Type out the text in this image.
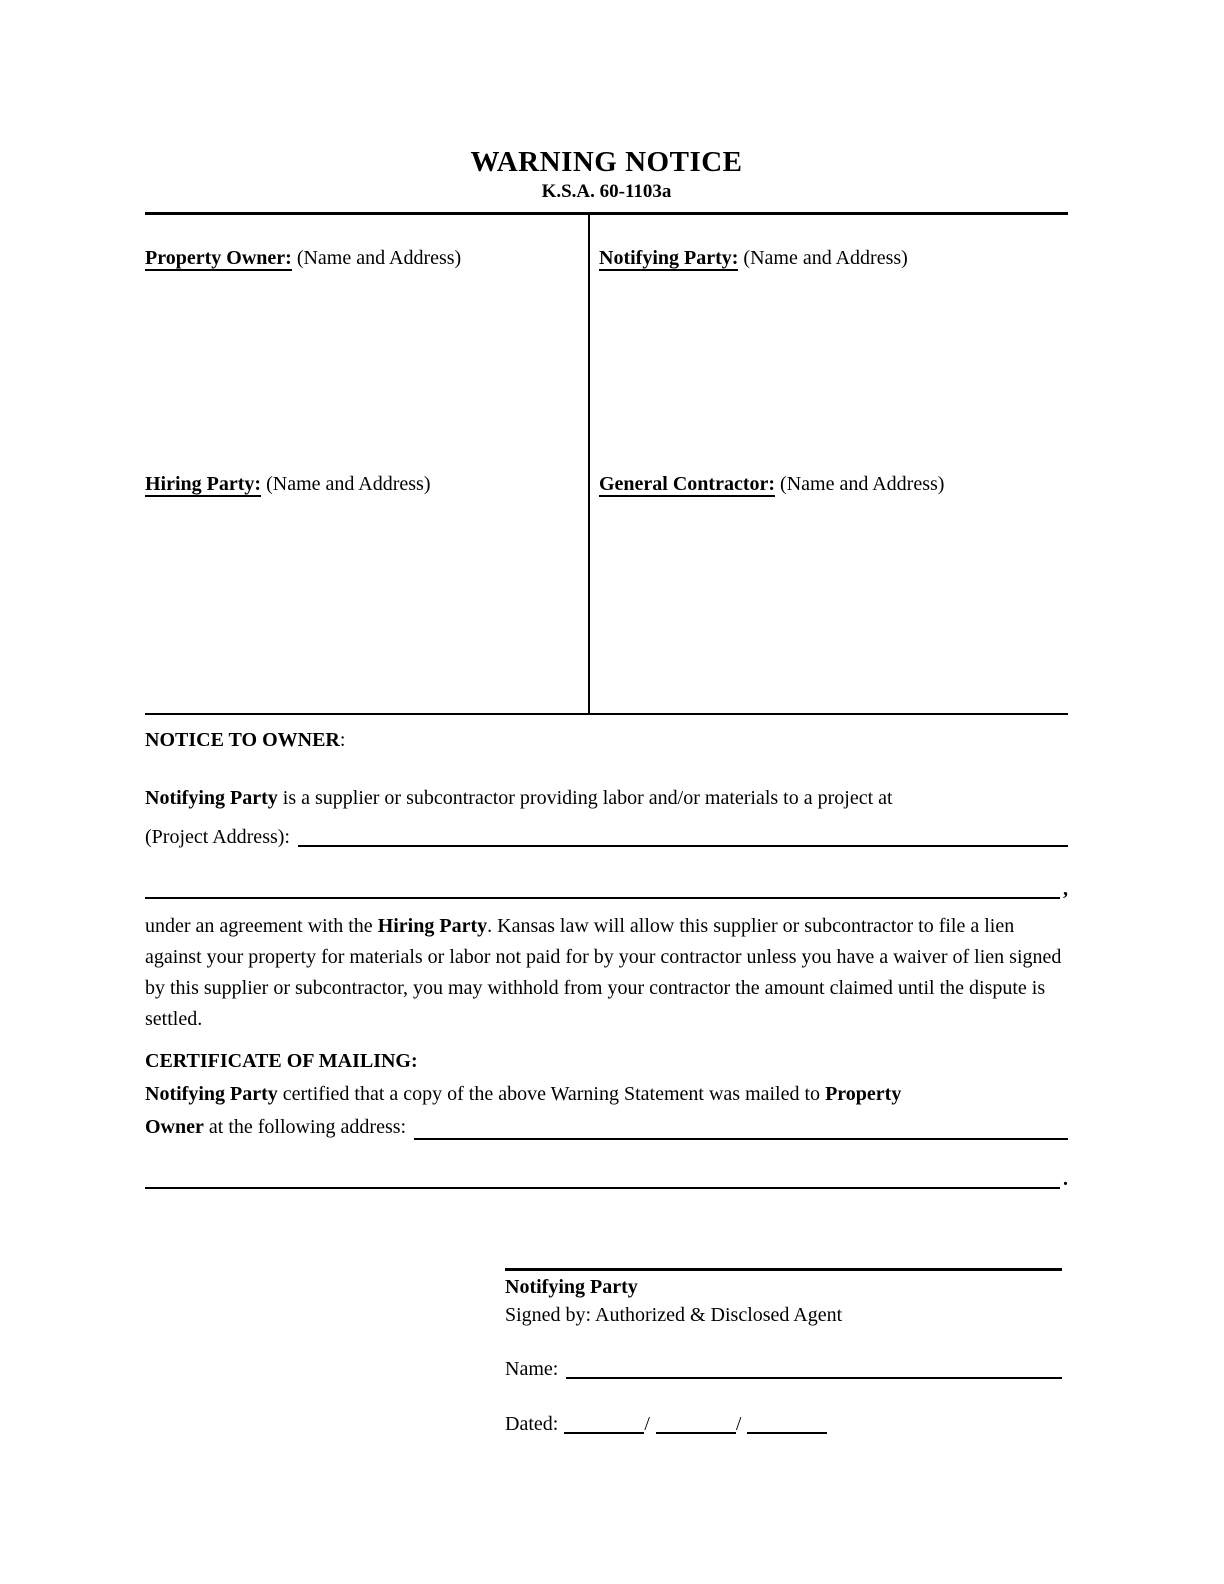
WARNING NOTICE
K.S.A. 60-1103a
Property Owner: (Name and Address)	Notifying Party: (Name and Address)
Hiring Party: (Name and Address)	General Contractor: (Name and Address)
NOTICE TO OWNER:

Notifying Party is a supplier or subcontractor providing labor and/or materials to a project at

(Project Address):
,

under an agreement with the Hiring Party. Kansas law will allow this supplier or subcontractor to file a lien against your property for materials or labor not paid for by your contractor unless you have a waiver of lien signed by this supplier or subcontractor, you may withhold from your contractor the amount claimed until the dispute is settled.

CERTIFICATE OF MAILING:

Notifying Party certified that a copy of the above Warning Statement was mailed to Property

Owner at the following address:
.

Notifying Party

Signed by: Authorized & Disclosed Agent

Name:
Dated:	/	/
